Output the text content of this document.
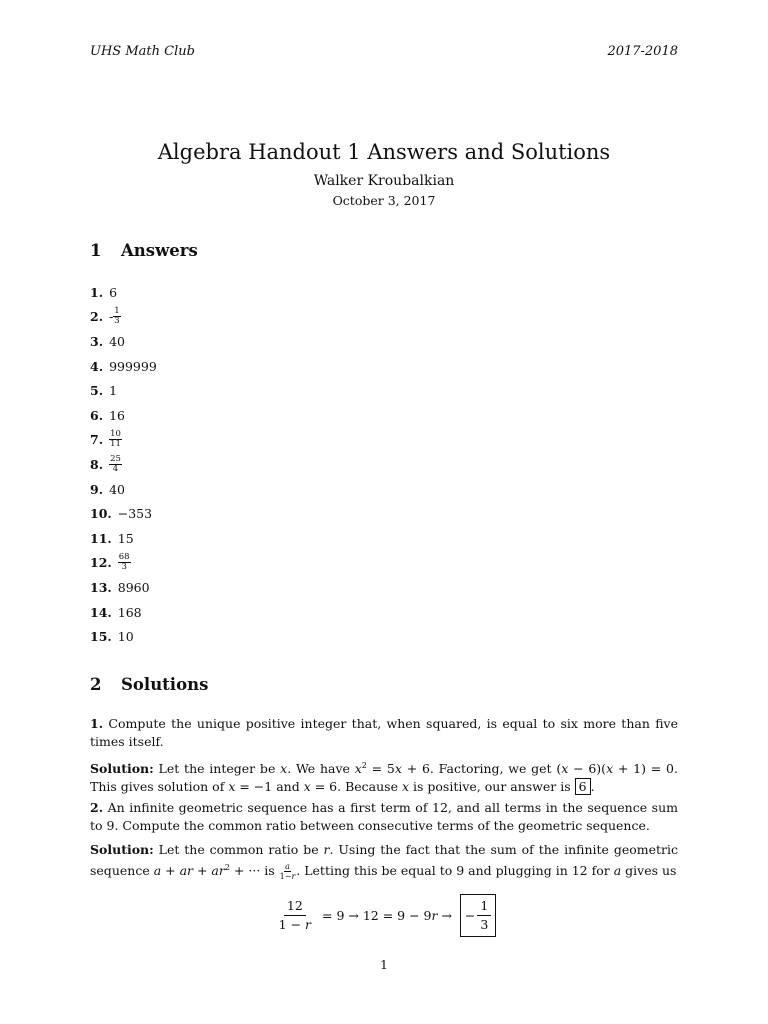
UHS Math Club	2017-2018
Algebra Handout 1 Answers and Solutions
Walker Kroubalkian
October 3, 2017
1 Answers
1. 6
2. - $\frac{1}{3}$
3. 40
4. 999999
5. 1
6. 16
7. $\frac{10}{11}$
8. $\frac{25}{4}$
9. 40
10. −353
11. 15
12. $\frac{68}{3}$
13. 8960
14. 168
15. 10
2 Solutions
1. Compute the unique positive integer that, when squared, is equal to six more than five times itself.
Solution: Let the integer be x. We have $x^2 = 5x + 6$. Factoring, we get (x − 6)(x + 1) = 0. This gives solution of x = −1 and x = 6. Because x is positive, our answer is 6 .
2. An infinite geometric sequence has a first term of 12, and all terms in the sequence sum to 9. Compute the common ratio between consecutive terms of the geometric sequence.
Solution: Let the common ratio be r. Using the fact that the sum of the infinite geometric sequence a + ar + $ar^2$ + ··· is $\frac{a}{1-r}$ . Letting this be equal to 9 and plugging in 12 for a gives us
$\frac{12}{1 - r} = 9 \to 12 = 9 - 9r$ → − $\frac{1}{3}$
1
